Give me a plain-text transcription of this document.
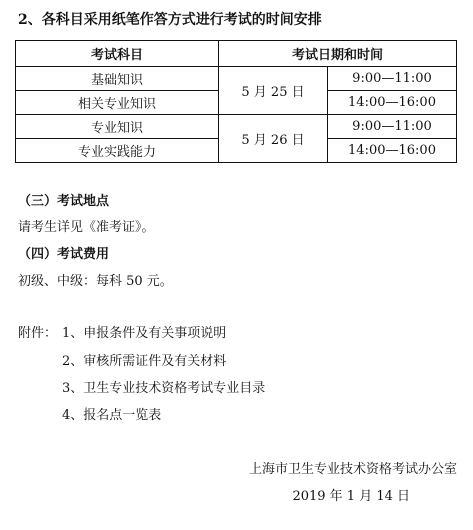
2、各科目采用纸笔作答方式进行考试的时间安排
考试科目	考试日期和时间	
基础知识	5 月 25 日	9:00—11:00
相关专业知识		14:00—16:00
专业知识	5 月 26 日	9:00—11:00
专业实践能力		14:00—16:00
（三）考试地点
请考生详见《准考证》。
（四）考试费用
初级、中级：每科 50 元。
附件： 1、申报条件及有关事项说明
2、审核所需证件及有关材料
3、卫生专业技术资格考试专业目录
4、报名点一览表
上海市卫生专业技术资格考试办公室
2019 年 1 月 14 日
